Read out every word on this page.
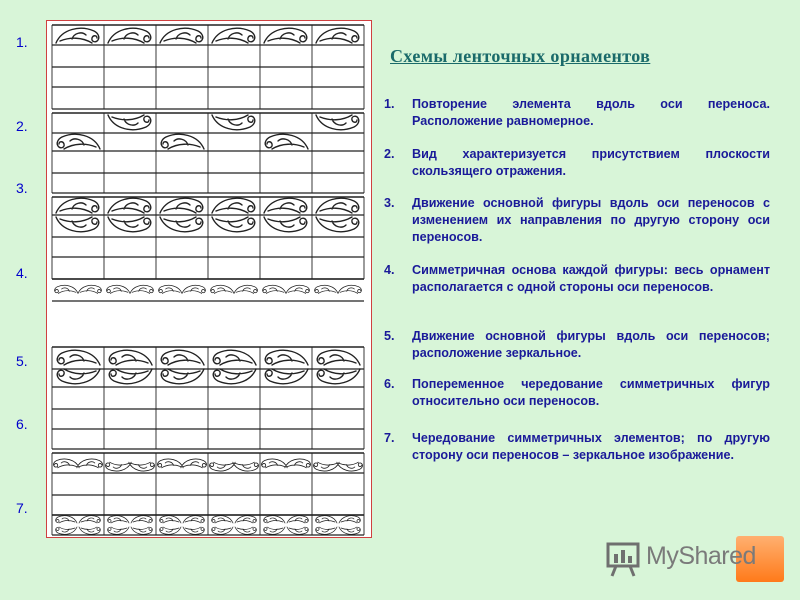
1.
2.
3.
4.
5.
6.
7.
Схемы ленточных орнаментов
1.	Повторение элемента вдоль оси переноса. Расположение равномерное.
2.	Вид характеризуется присутствием плоскости скользящего отражения.
3.	Движение основной фигуры вдоль оси переносов с изменением их направления по другую сторону оси переносов.
4.	Симметричная основа каждой фигуры: весь орнамент располагается с одной стороны оси переносов.
5.	Движение основной фигуры вдоль оси переносов; расположение зеркальное.
6.	Попеременное чередование симметричных фигур относительно оси переносов.
7.	Чередование симметричных элементов; по другую сторону оси переносов – зеркальное изображение.
MyShared
